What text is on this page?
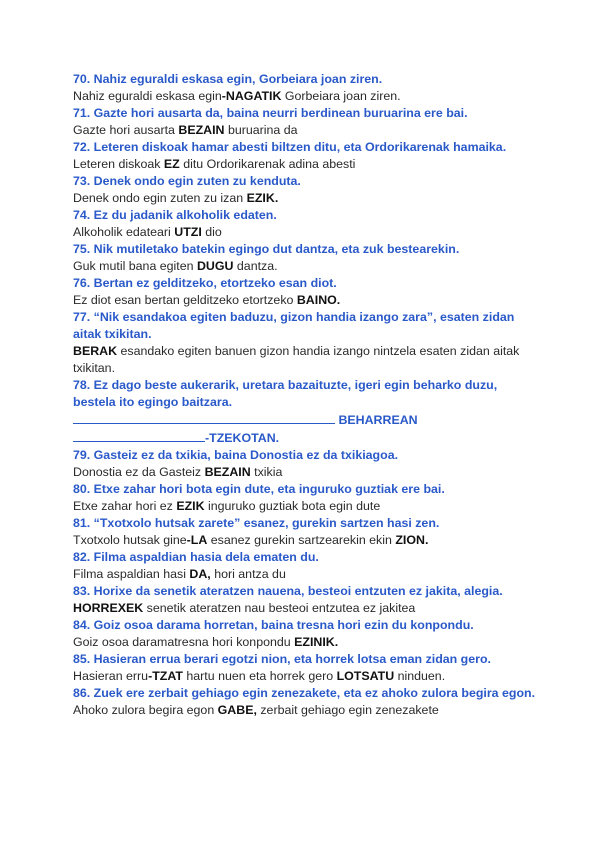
70. Nahiz eguraldi eskasa egin, Gorbeiara joan ziren.
Nahiz eguraldi eskasa egin-NAGATIK Gorbeiara joan ziren.
71. Gazte hori ausarta da, baina neurri berdinean buruarina ere bai.
Gazte hori ausarta BEZAIN buruarina da
72. Leteren diskoak hamar abesti biltzen ditu, eta Ordorikarenak hamaika.
Leteren diskoak EZ ditu Ordorikarenak adina abesti
73. Denek ondo egin zuten zu kenduta.
Denek ondo egin zuten zu izan EZIK.
74. Ez du jadanik alkoholik edaten.
Alkoholik edateari UTZI dio
75. Nik mutiletako batekin egingo dut dantza, eta zuk bestearekin.
Guk mutil bana egiten DUGU dantza.
76. Bertan ez gelditzeko, etortzeko esan diot.
Ez diot esan bertan gelditzeko etortzeko BAINO.
77. “Nik esandakoa egiten baduzu, gizon handia izango zara”, esaten zidan aitak txikitan.
BERAK esandako egiten banuen gizon handia izango nintzela esaten zidan aitak txikitan.
78. Ez dago beste aukerarik, uretara bazaituzte, igeri egin beharko duzu, bestela ito egingo baitzara.
BEHARREAN
-TZEKOTAN.
79. Gasteiz ez da txikia, baina Donostia ez da txikiagoa.
Donostia ez da Gasteiz BEZAIN txikia
80. Etxe zahar hori bota egin dute, eta inguruko guztiak ere bai.
Etxe zahar hori ez EZIK inguruko guztiak bota egin dute
81. “Txotxolo hutsak zarete” esanez, gurekin sartzen hasi zen.
Txotxolo hutsak gine-LA esanez gurekin sartzearekin ekin ZION.
82. Filma aspaldian hasia dela ematen du.
Filma aspaldian hasi DA, hori antza du
83. Horixe da senetik ateratzen nauena, besteoi entzuten ez jakita, alegia.
HORREXEK senetik ateratzen nau besteoi entzutea ez jakitea
84. Goiz osoa darama horretan, baina tresna hori ezin du konpondu.
Goiz osoa daramatresna hori konpondu EZINIK.
85. Hasieran errua berari egotzi nion, eta horrek lotsa eman zidan gero.
Hasieran erru-TZAT hartu nuen eta horrek gero LOTSATU ninduen.
86. Zuek ere zerbait gehiago egin zenezakete, eta ez ahoko zulora begira egon.
Ahoko zulora begira egon GABE, zerbait gehiago egin zenezakete
